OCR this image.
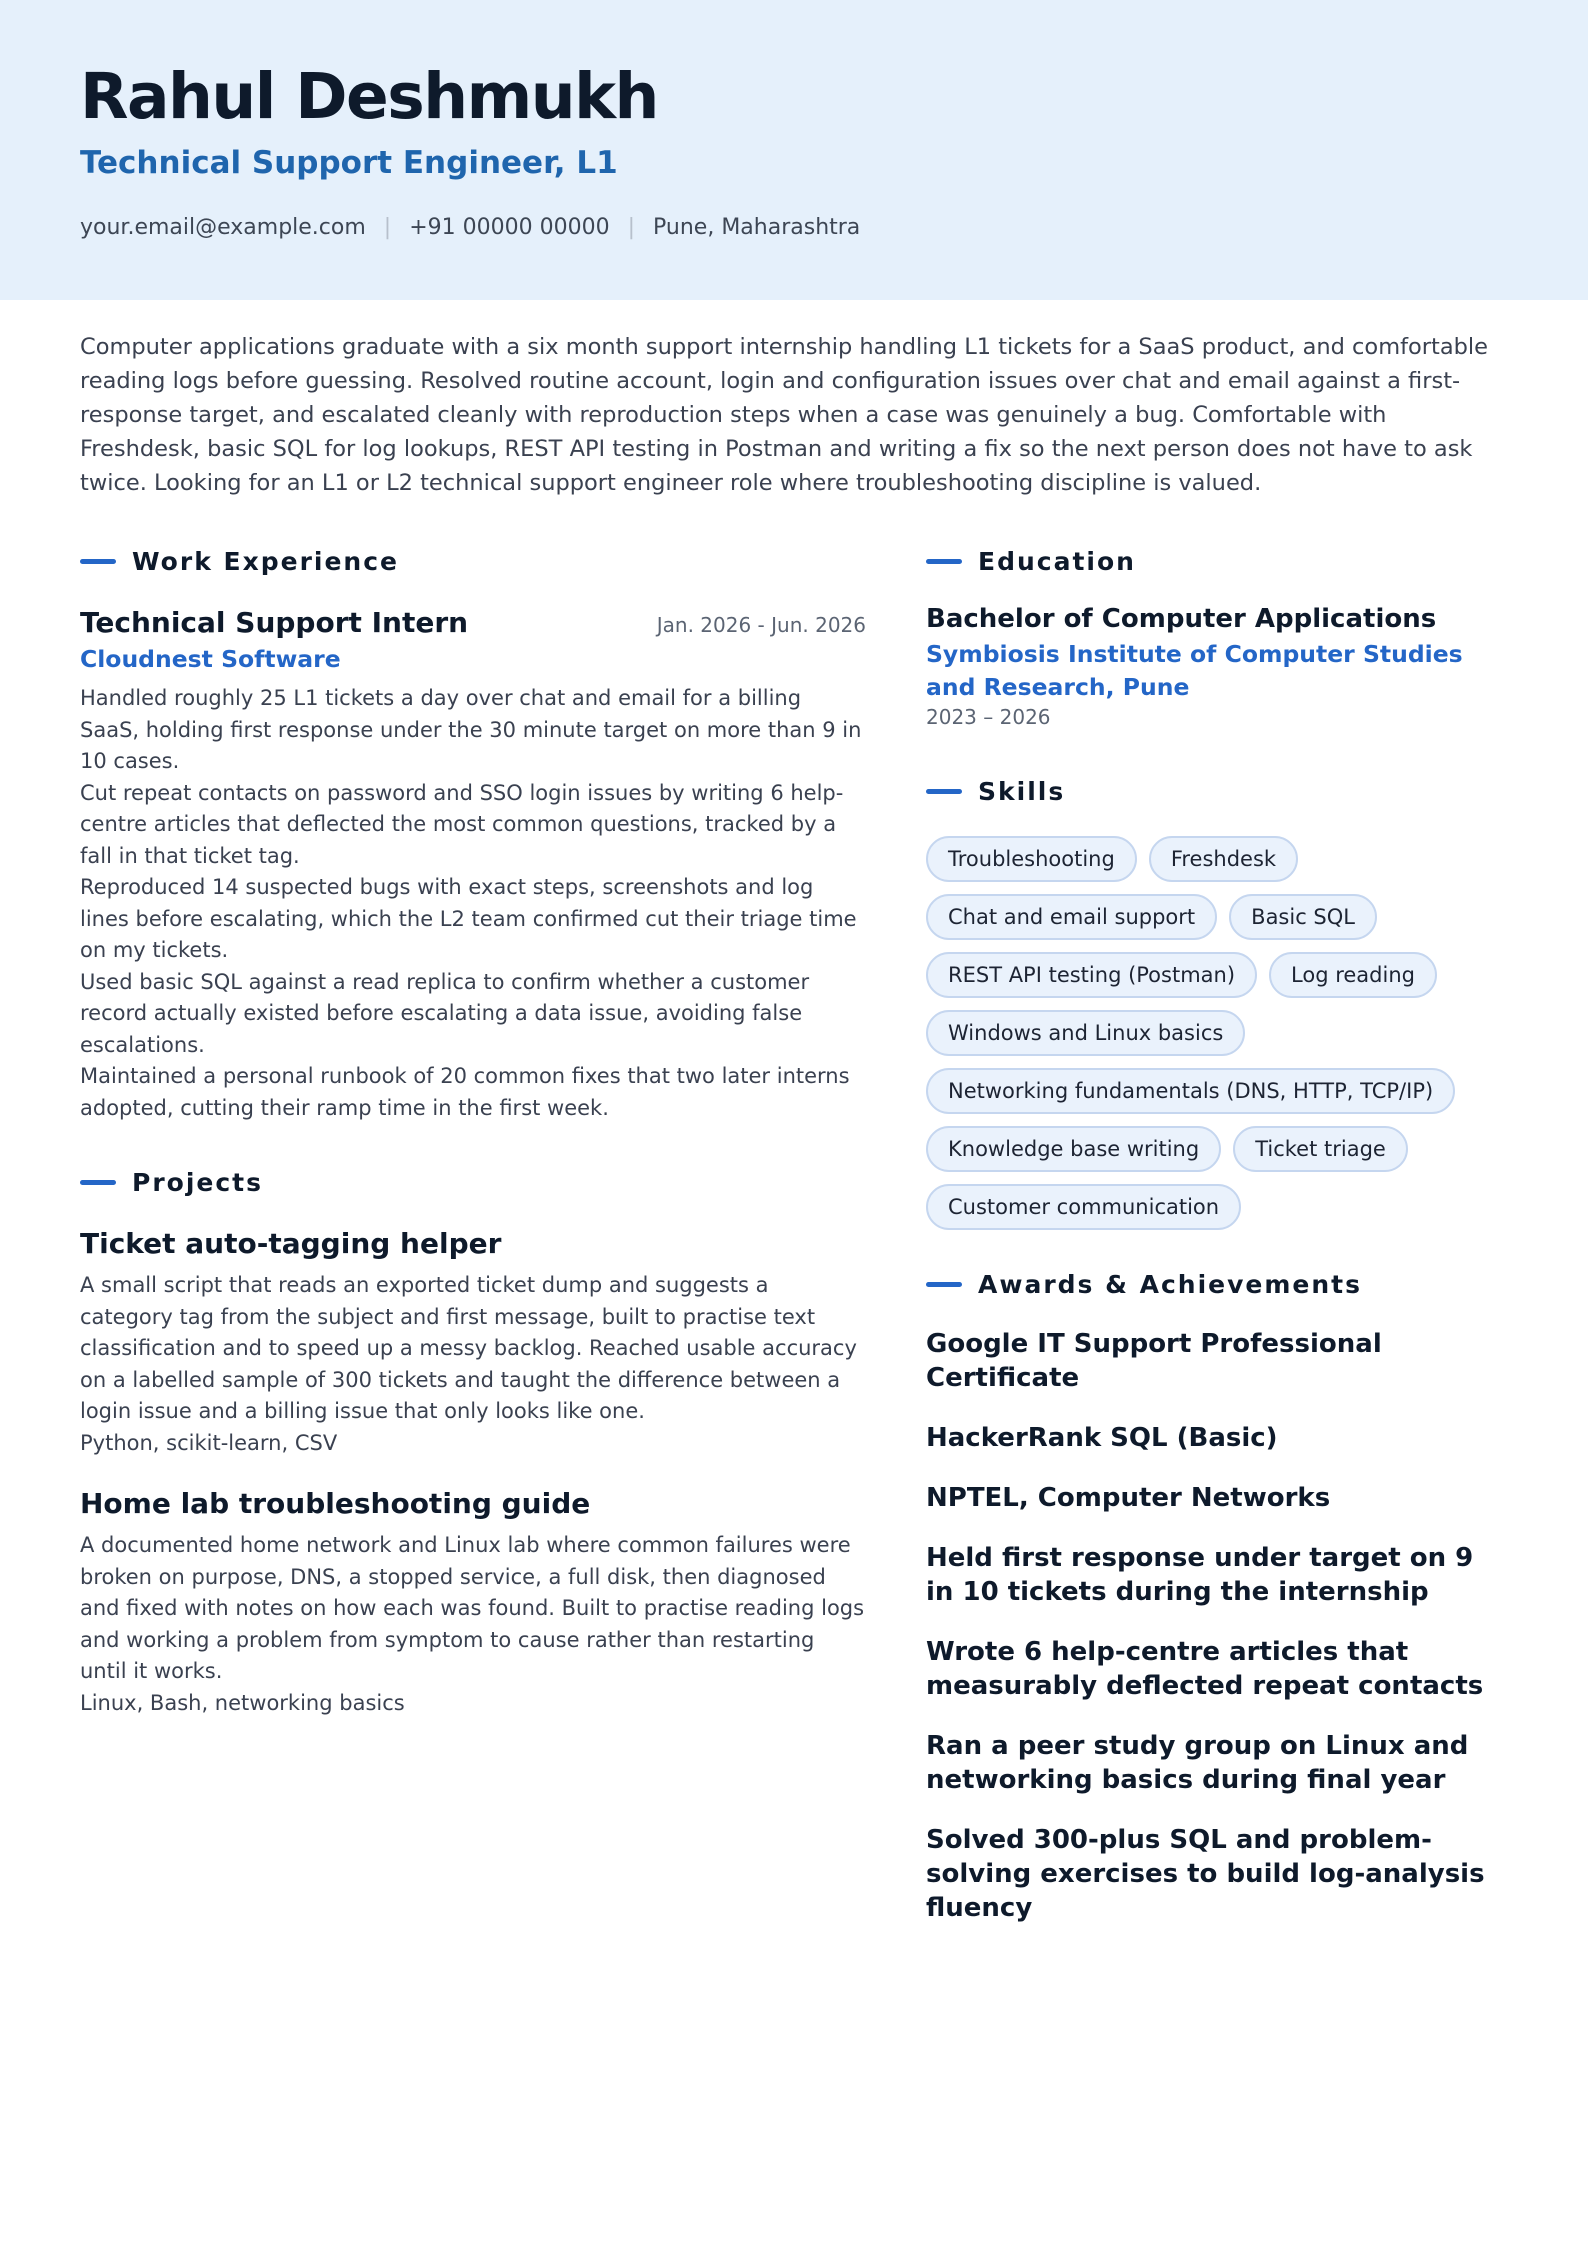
Rahul Deshmukh
Technical Support Engineer, L1
your.email@example.com | +91 00000 00000 | Pune, Maharashtra

Computer applications graduate with a six month support internship handling L1 tickets for a SaaS product, and comfortable reading logs before guessing. Resolved routine account, login and configuration issues over chat and email against a first-response target, and escalated cleanly with reproduction steps when a case was genuinely a bug. Comfortable with Freshdesk, basic SQL for log lookups, REST API testing in Postman and writing a fix so the next person does not have to ask twice. Looking for an L1 or L2 technical support engineer role where troubleshooting discipline is valued.

Work Experience
Technical Support Intern	Jan. 2026 - Jun. 2026
Cloudnest Software
Handled roughly 25 L1 tickets a day over chat and email for a billing SaaS, holding first response under the 30 minute target on more than 9 in 10 cases.
Cut repeat contacts on password and SSO login issues by writing 6 help-centre articles that deflected the most common questions, tracked by a fall in that ticket tag.
Reproduced 14 suspected bugs with exact steps, screenshots and log lines before escalating, which the L2 team confirmed cut their triage time on my tickets.
Used basic SQL against a read replica to confirm whether a customer record actually existed before escalating a data issue, avoiding false escalations.
Maintained a personal runbook of 20 common fixes that two later interns adopted, cutting their ramp time in the first week.
Projects
Ticket auto-tagging helper
A small script that reads an exported ticket dump and suggests a category tag from the subject and first message, built to practise text classification and to speed up a messy backlog. Reached usable accuracy on a labelled sample of 300 tickets and taught the difference between a login issue and a billing issue that only looks like one.
Python, scikit-learn, CSV
Home lab troubleshooting guide
A documented home network and Linux lab where common failures were broken on purpose, DNS, a stopped service, a full disk, then diagnosed and fixed with notes on how each was found. Built to practise reading logs and working a problem from symptom to cause rather than restarting until it works.
Linux, Bash, networking basics
Education
Bachelor of Computer Applications
Symbiosis Institute of Computer Studies and Research, Pune
2023 – 2026
Skills
Troubleshooting	Freshdesk
Chat and email support	Basic SQL
REST API testing (Postman)	Log reading
Windows and Linux basics
Networking fundamentals (DNS, HTTP, TCP/IP)
Knowledge base writing	Ticket triage
Customer communication
Awards & Achievements
Google IT Support Professional Certificate
HackerRank SQL (Basic)
NPTEL, Computer Networks
Held first response under target on 9 in 10 tickets during the internship
Wrote 6 help-centre articles that measurably deflected repeat contacts
Ran a peer study group on Linux and networking basics during final year
Solved 300-plus SQL and problem-solving exercises to build log-analysis fluency
